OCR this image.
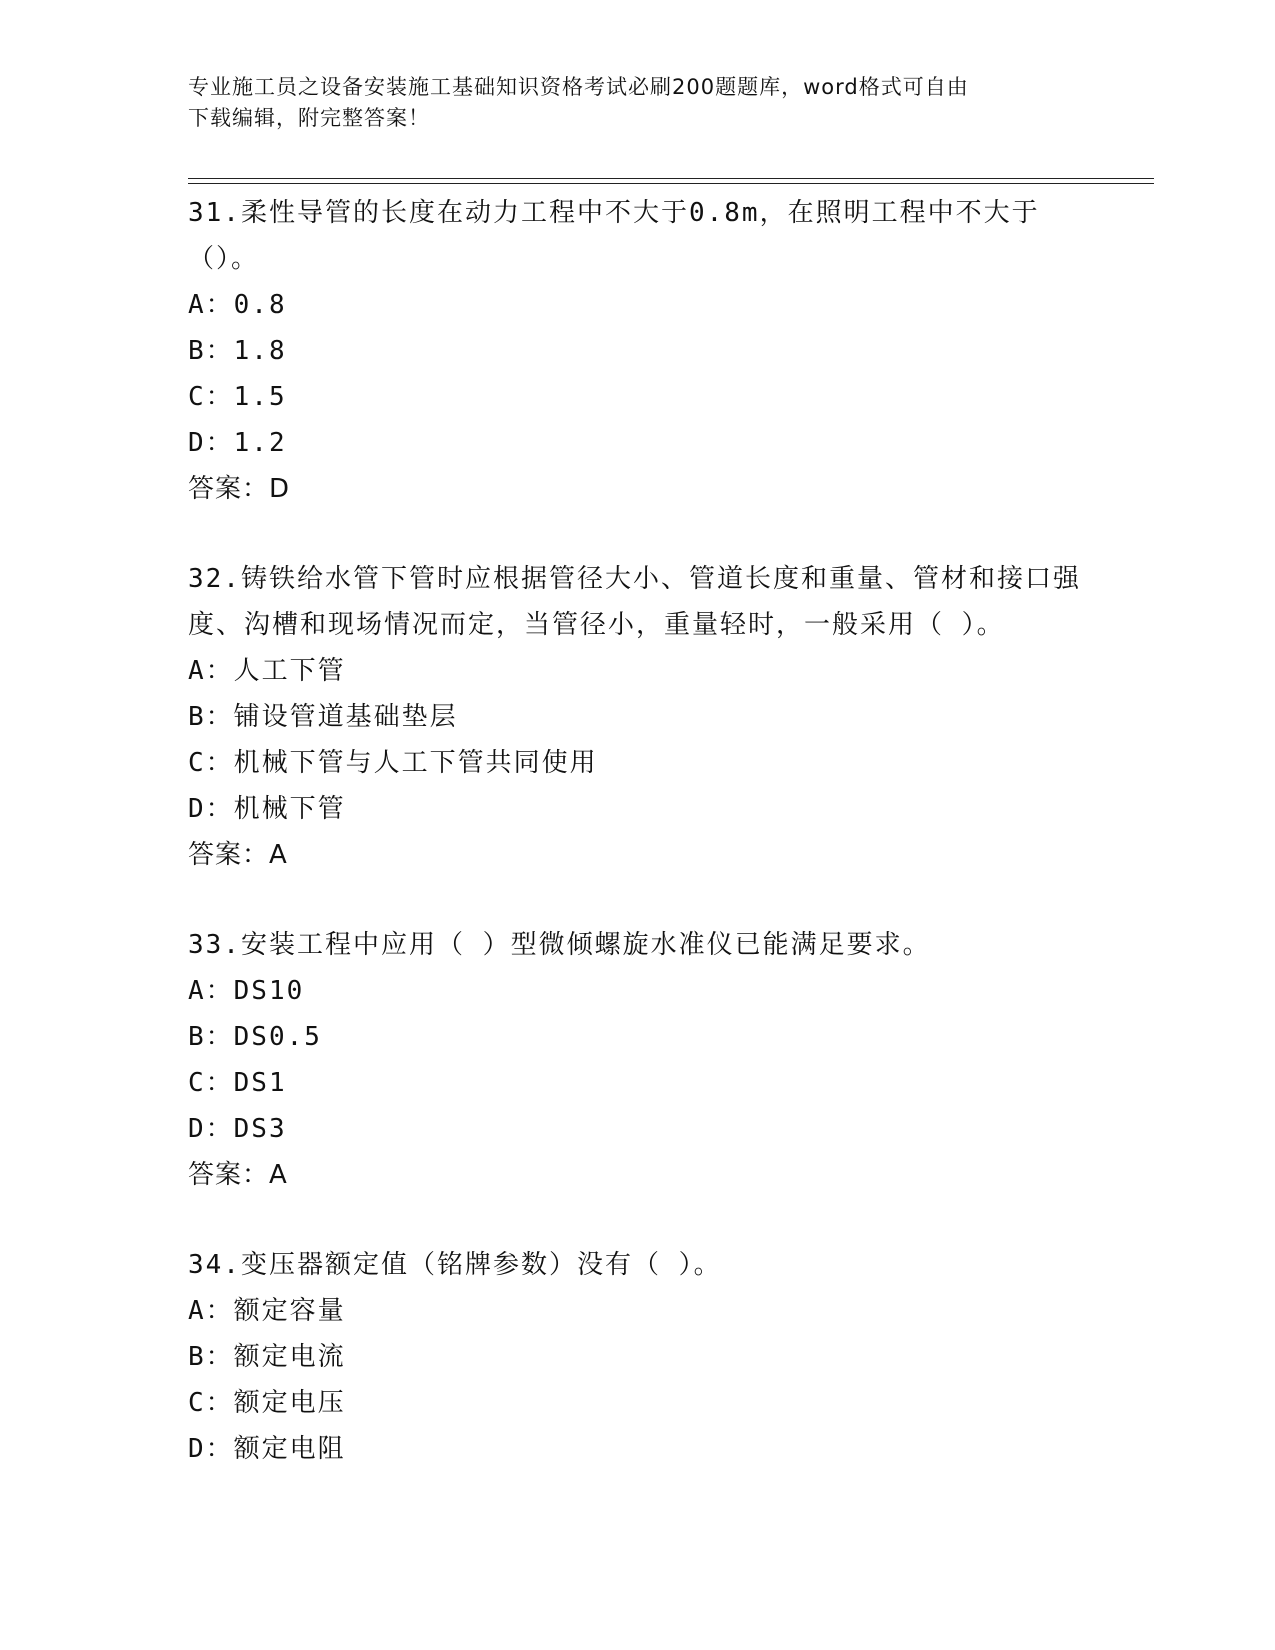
专业施工员之设备安装施工基础知识资格考试必刷200题题库，word格式可自由
下载编辑，附完整答案！
31.柔性导管的长度在动力工程中不大于0.8m，在照明工程中不大于（）。
A：0.8
B：1.8
C：1.5
D：1.2
答案：D
32.铸铁给水管下管时应根据管径大小、管道长度和重量、管材和接口强度、沟槽和现场情况而定，当管径小，重量轻时，一般采用（ ）。
A：人工下管
B：铺设管道基础垫层
C：机械下管与人工下管共同使用
D：机械下管
答案：A
33.安装工程中应用（ ）型微倾螺旋水准仪已能满足要求。
A：DS10
B：DS0.5
C：DS1
D：DS3
答案：A
34.变压器额定值（铭牌参数）没有（ ）。
A：额定容量
B：额定电流
C：额定电压
D：额定电阻
